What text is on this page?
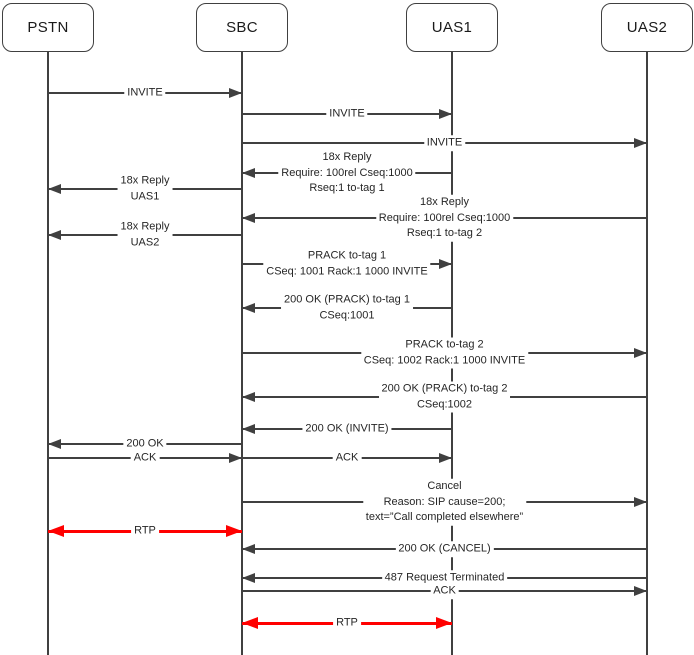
PSTN	SBC	UAS1	UAS2
INVITE
INVITE
INVITE
18x Reply
Require: 100rel Cseq:1000
Rseq:1 to-tag 1
18x Reply
UAS1	18x Reply
Require: 100rel Cseq:1000
Rseq:1 to-tag 2
18x Reply
UAS2
PRACK to-tag 1
CSeq: 1001 Rack:1 1000 INVITE
200 OK (PRACK) to-tag 1
CSeq:1001
PRACK to-tag 2
CSeq: 1002 Rack:1 1000 INVITE
200 OK (PRACK) to-tag 2
CSeq:1002
200 OK (INVITE)
200 OK
ACK	ACK
Cancel
Reason: SIP cause=200;
text=”Call completed elsewhere”
RTP
200 OK (CANCEL)
487 Request Terminated
ACK
RTP
